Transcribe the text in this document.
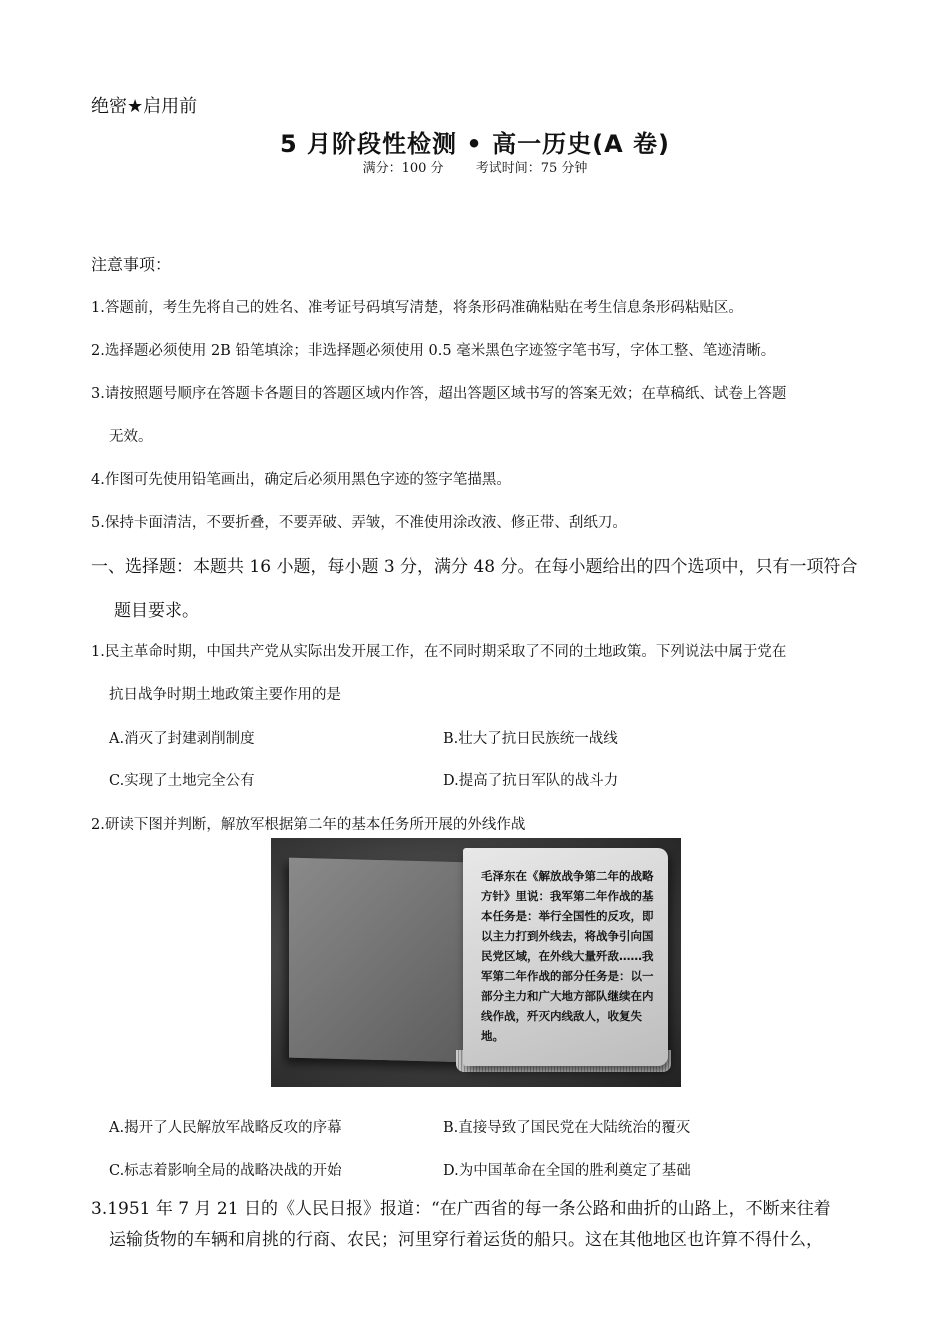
绝密★启用前
5 月阶段性检测 • 高一历史(A 卷)
满分：100 分 考试时间：75 分钟
注意事项：
1.答题前，考生先将自己的姓名、准考证号码填写清楚，将条形码准确粘贴在考生信息条形码粘贴区。
2.选择题必须使用 2B 铅笔填涂；非选择题必须使用 0.5 毫米黑色字迹签字笔书写，字体工整、笔迹清晰。
3.请按照题号顺序在答题卡各题目的答题区域内作答，超出答题区域书写的答案无效；在草稿纸、试卷上答题
无效。
4.作图可先使用铅笔画出，确定后必须用黑色字迹的签字笔描黑。
5.保持卡面清洁，不要折叠，不要弄破、弄皱，不准使用涂改液、修正带、刮纸刀。
一、选择题：本题共 16 小题，每小题 3 分，满分 48 分。在每小题给出的四个选项中，只有一项符合
题目要求。
1.民主革命时期，中国共产党从实际出发开展工作，在不同时期采取了不同的土地政策。下列说法中属于党在
抗日战争时期土地政策主要作用的是
A.消灭了封建剥削制度	B.壮大了抗日民族统一战线
C.实现了土地完全公有	D.提高了抗日军队的战斗力
2.研读下图并判断，解放军根据第二年的基本任务所开展的外线作战
毛泽东在《解放战争第二年的战略方针》里说：我军第二年作战的基本任务是：举行全国性的反攻，即以主力打到外线去，将战争引向国民党区域，在外线大量歼敌……我军第二年作战的部分任务是：以一部分主力和广大地方部队继续在内线作战，歼灭内线敌人，收复失地。
A.揭开了人民解放军战略反攻的序幕	B.直接导致了国民党在大陆统治的覆灭
C.标志着影响全局的战略决战的开始	D.为中国革命在全国的胜利奠定了基础
3.1951 年 7 月 21 日的《人民日报》报道：“在广西省的每一条公路和曲折的山路上，不断来往着
运输货物的车辆和肩挑的行商、农民；河里穿行着运货的船只。这在其他地区也许算不得什么，
